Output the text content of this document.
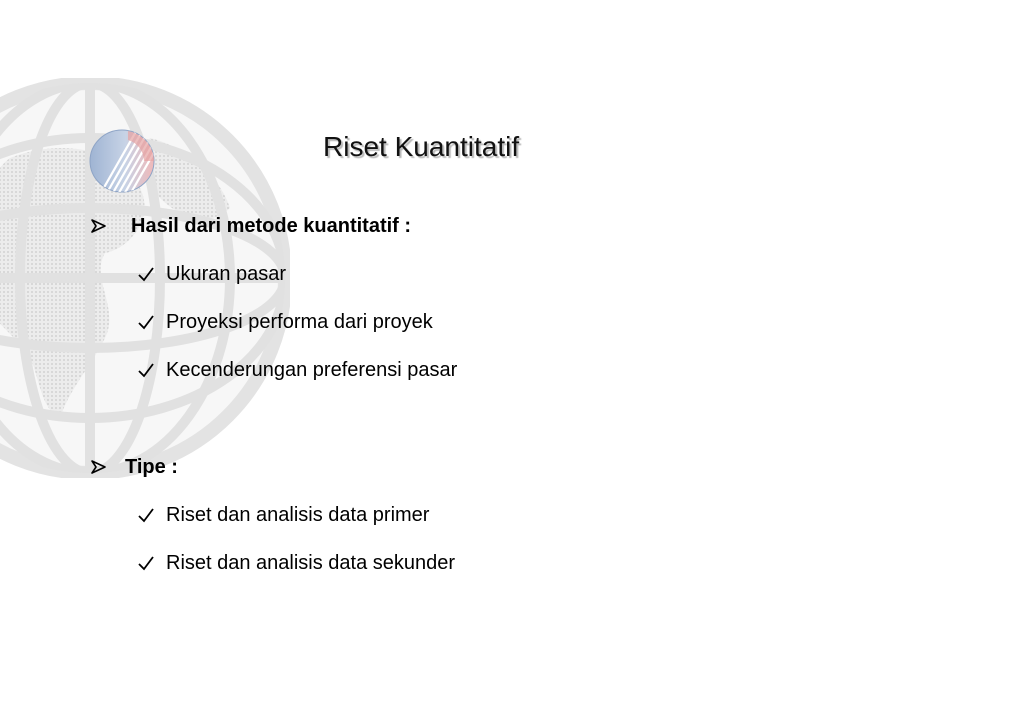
Riset Kuantitatif
Hasil dari metode kuantitatif :
Ukuran pasar
Proyeksi performa dari proyek
Kecenderungan preferensi pasar
Tipe :
Riset dan analisis data primer
Riset dan analisis data sekunder
